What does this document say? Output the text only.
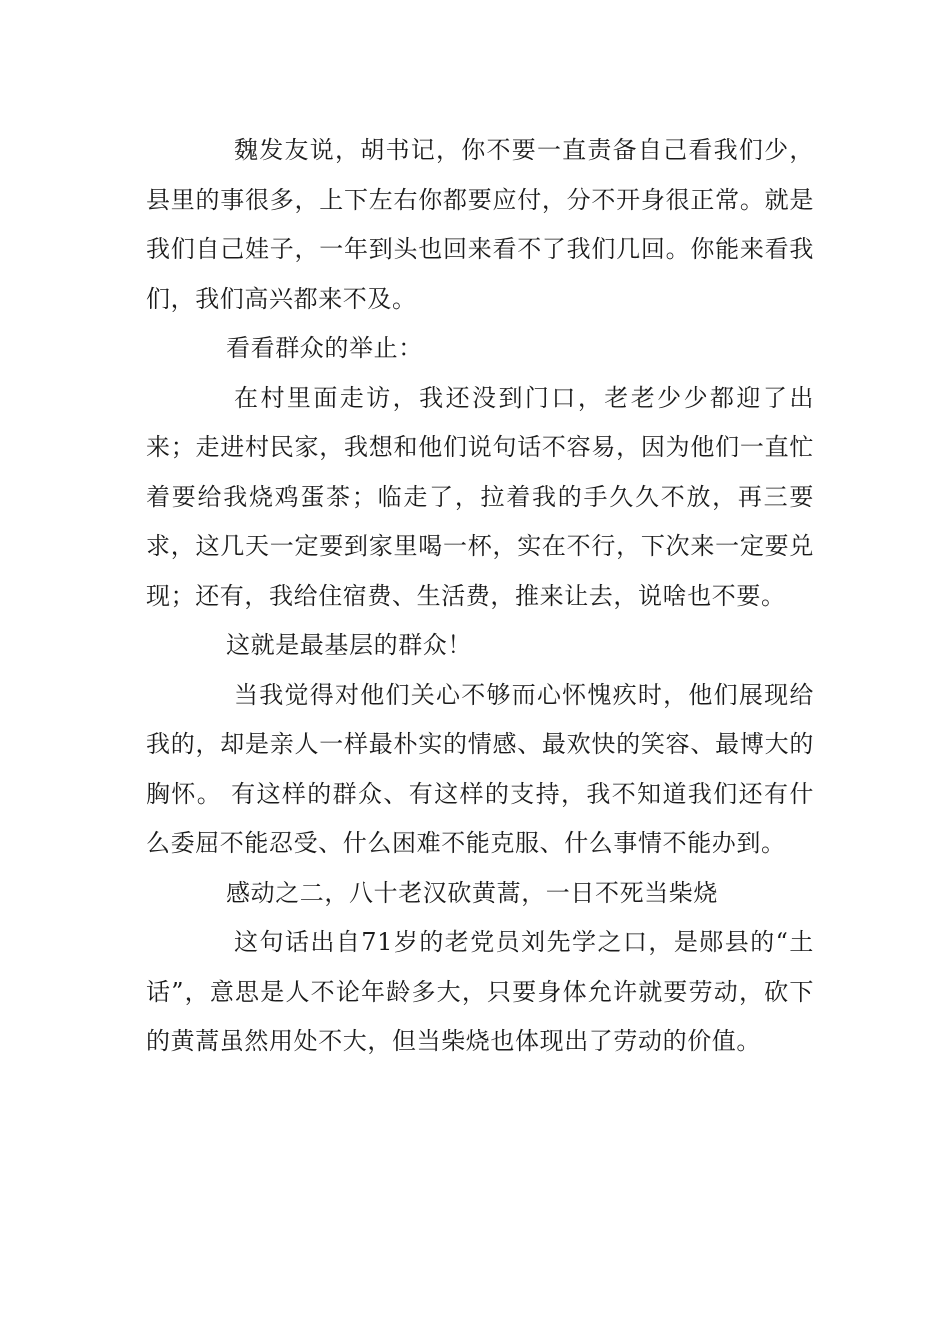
魏发友说，胡书记，你不要一直责备自己看我们少，县里的事很多，上下左右你都要应付，分不开身很正常。就是我们自己娃子，一年到头也回来看不了我们几回。你能来看我们，我们高兴都来不及。

看看群众的举止：

在村里面走访，我还没到门口，老老少少都迎了出来；走进村民家，我想和他们说句话不容易，因为他们一直忙着要给我烧鸡蛋茶；临走了，拉着我的手久久不放，再三要求，这几天一定要到家里喝一杯，实在不行，下次来一定要兑现；还有，我给住宿费、生活费，推来让去，说啥也不要。

这就是最基层的群众！

当我觉得对他们关心不够而心怀愧疚时，他们展现给我的，却是亲人一样最朴实的情感、最欢快的笑容、最博大的胸怀。 有这样的群众、有这样的支持，我不知道我们还有什么委屈不能忍受、什么困难不能克服、什么事情不能办到。

感动之二，八十老汉砍黄蒿，一日不死当柴烧

这句话出自71岁的老党员刘先学之口，是郧县的“土话”，意思是人不论年龄多大，只要身体允许就要劳动，砍下的黄蒿虽然用处不大，但当柴烧也体现出了劳动的价值。
